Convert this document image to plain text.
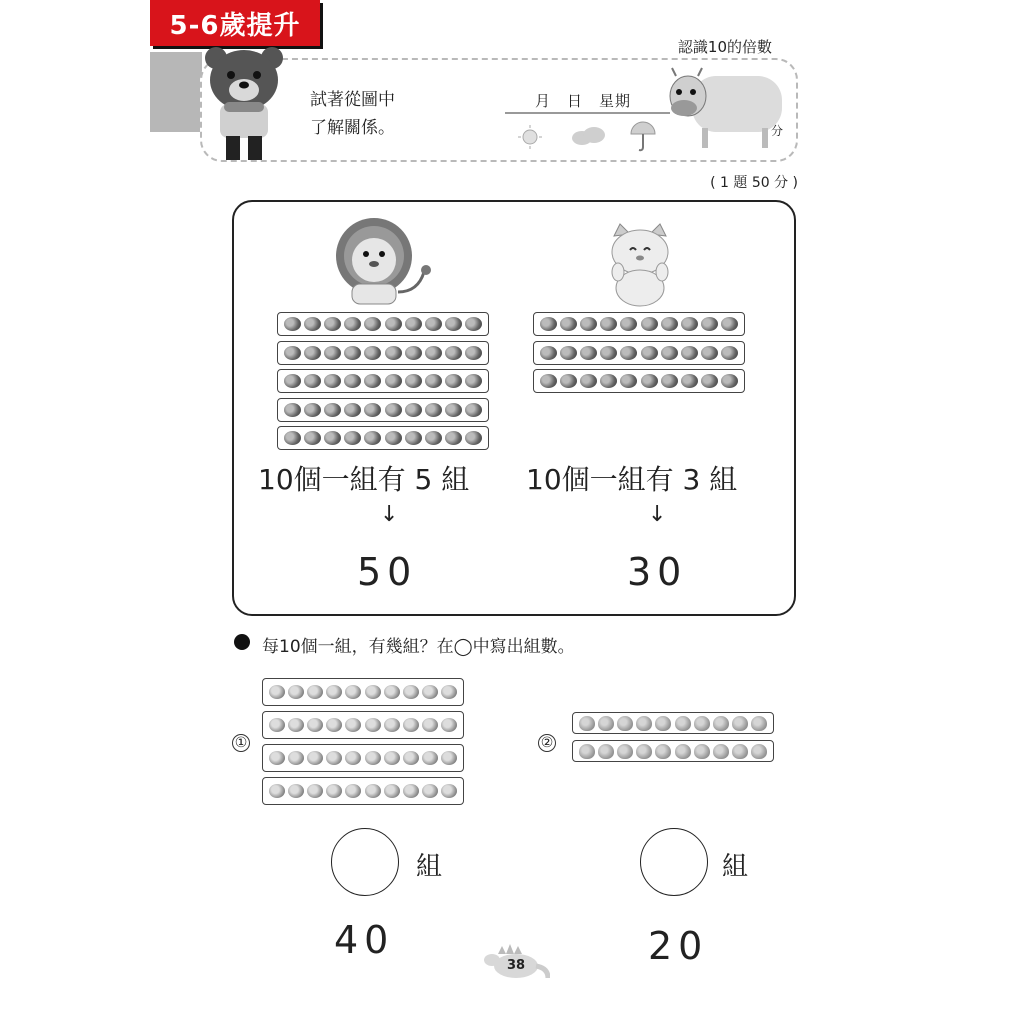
5-6歲提升
認識10的倍數
試著從圖中
了解關係。
月　日　星期
分
( 1 題 50 分 )
10個一組有 5 組 10個一組有 3 組
↓	↓
50	30
每10個一組，有幾組？在◯中寫出組數。
①
組
40
②
組
20
38
